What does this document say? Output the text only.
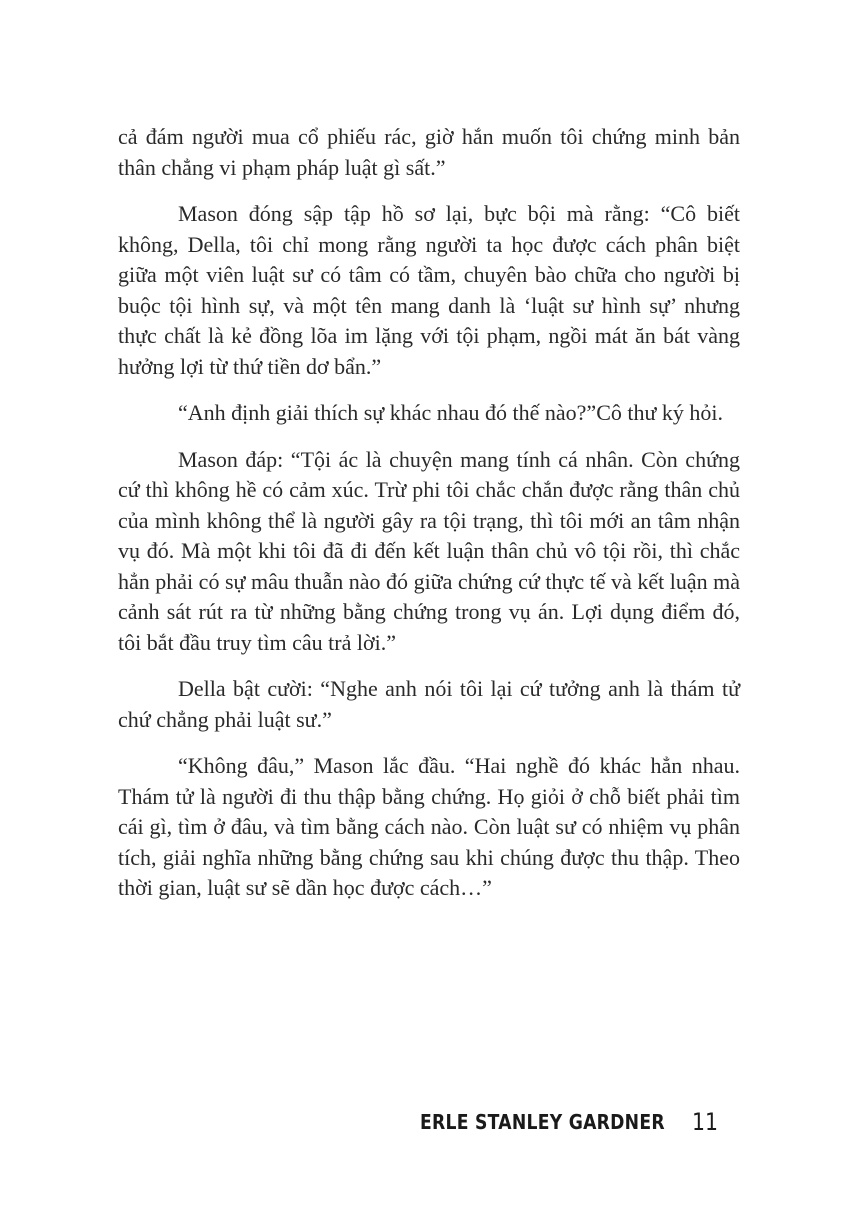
cả đám người mua cổ phiếu rác, giờ hắn muốn tôi chứng minh bản thân chẳng vi phạm pháp luật gì sất.”

Mason đóng sập tập hồ sơ lại, bực bội mà rằng: “Cô biết không, Della, tôi chỉ mong rằng người ta học được cách phân biệt giữa một viên luật sư có tâm có tầm, chuyên bào chữa cho người bị buộc tội hình sự, và một tên mang danh là ‘luật sư hình sự’ nhưng thực chất là kẻ đồng lõa im lặng với tội phạm, ngồi mát ăn bát vàng hưởng lợi từ thứ tiền dơ bẩn.”

“Anh định giải thích sự khác nhau đó thế nào?”Cô thư ký hỏi.

Mason đáp: “Tội ác là chuyện mang tính cá nhân. Còn chứng cứ thì không hề có cảm xúc. Trừ phi tôi chắc chắn được rằng thân chủ của mình không thể là người gây ra tội trạng, thì tôi mới an tâm nhận vụ đó. Mà một khi tôi đã đi đến kết luận thân chủ vô tội rồi, thì chắc hẳn phải có sự mâu thuẫn nào đó giữa chứng cứ thực tế và kết luận mà cảnh sát rút ra từ những bằng chứng trong vụ án. Lợi dụng điểm đó, tôi bắt đầu truy tìm câu trả lời.”

Della bật cười: “Nghe anh nói tôi lại cứ tưởng anh là thám tử chứ chẳng phải luật sư.”

“Không đâu,” Mason lắc đầu. “Hai nghề đó khác hẳn nhau. Thám tử là người đi thu thập bằng chứng. Họ giỏi ở chỗ biết phải tìm cái gì, tìm ở đâu, và tìm bằng cách nào. Còn luật sư có nhiệm vụ phân tích, giải nghĩa những bằng chứng sau khi chúng được thu thập. Theo thời gian, luật sư sẽ dần học được cách…”

ERLE STANLEY GARDNER 11
